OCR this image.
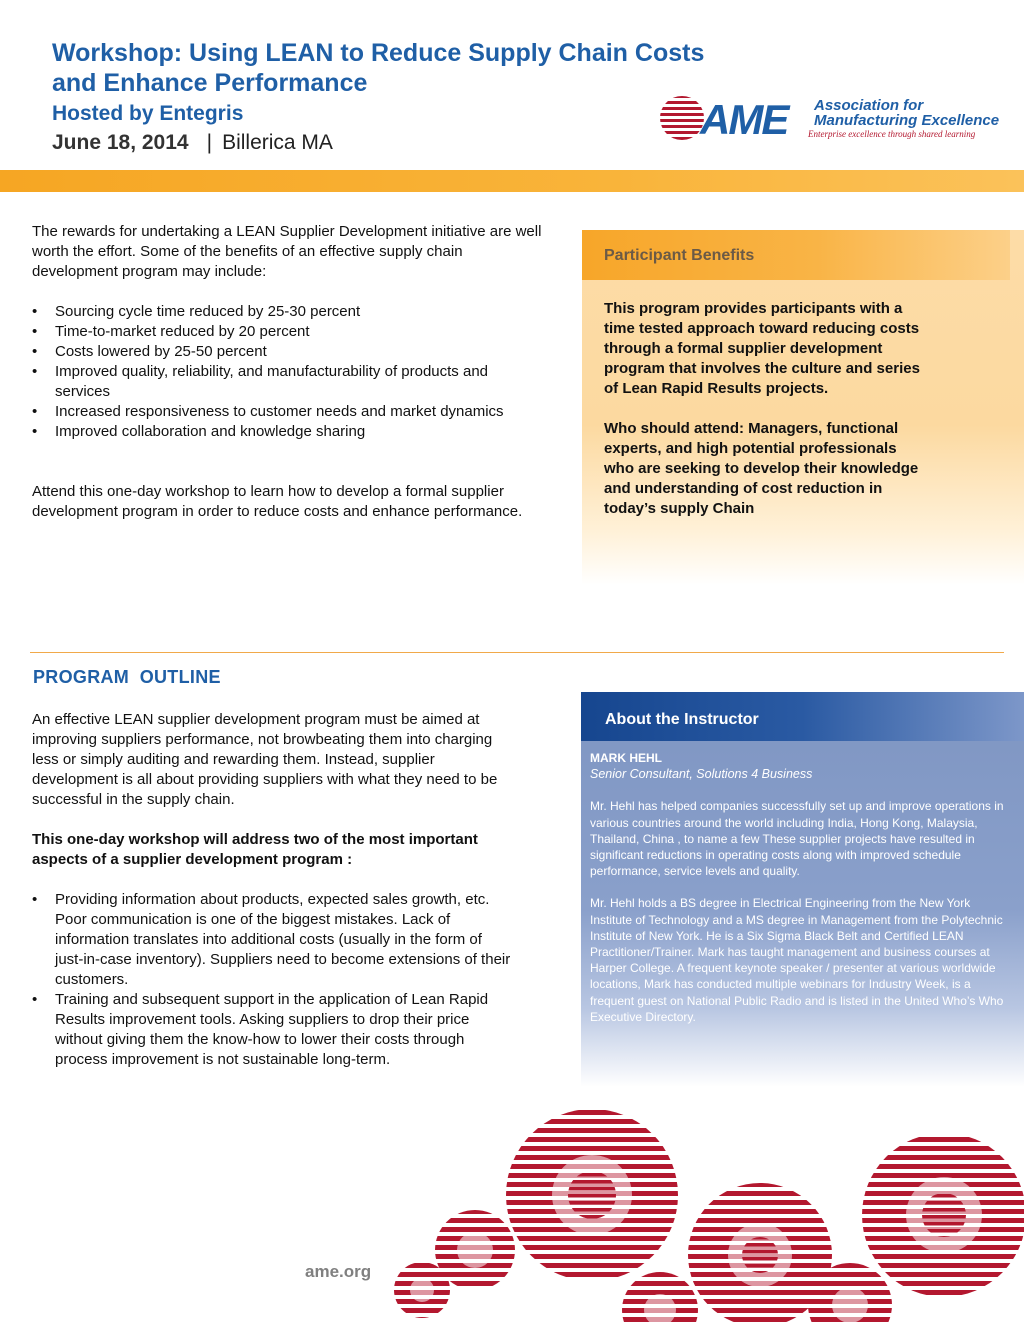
Workshop: Using LEAN to Reduce Supply Chain Costs
and Enhance Performance
Hosted by Entegris
June 18, 2014 | Billerica MA	AME Association for
Manufacturing Excellence
Enterprise excellence through shared learning

The rewards for undertaking a LEAN Supplier Development initiative are well worth the effort. Some of the benefits of an effective supply chain development program may include:

• Sourcing cycle time reduced by 25-30 percent
• Time-to-market reduced by 20 percent
• Costs lowered by 25-50 percent
• Improved quality, reliability, and manufacturability of products and services
• Increased responsiveness to customer needs and market dynamics
• Improved collaboration and knowledge sharing

Attend this one-day workshop to learn how to develop a formal supplier development program in order to reduce costs and enhance performance.

Participant Benefits

This program provides participants with a time tested approach toward reducing costs through a formal supplier development program that involves the culture and series of Lean Rapid Results projects.

Who should attend: Managers, functional experts, and high potential professionals who are seeking to develop their knowledge and understanding of cost reduction in today’s supply Chain

PROGRAM  OUTLINE

An effective LEAN supplier development program must be aimed at improving suppliers performance, not browbeating them into charging less or simply auditing and rewarding them. Instead, supplier development is all about providing suppliers with what they need to be successful in the supply chain.

This one-day workshop will address two of the most important aspects of a supplier development program :

• Providing information about products, expected sales growth, etc. Poor communication is one of the biggest mistakes. Lack of information translates into additional costs (usually in the form of just-in-case inventory). Suppliers need to become extensions of their customers.
• Training and subsequent support in the application of Lean Rapid Results improvement tools. Asking suppliers to drop their price without giving them the know-how to lower their costs through process improvement is not sustainable long-term.
About the Instructor

MARK HEHL

Senior Consultant, Solutions 4 Business

Mr. Hehl has helped companies successfully set up and improve operations in various countries around the world including India, Hong Kong, Malaysia, Thailand, China , to name a few These supplier projects have resulted in significant reductions in operating costs along with improved schedule performance, service levels and quality.

Mr. Hehl holds a BS degree in Electrical Engineering from the New York Institute of Technology and a MS degree in Management from the Polytechnic Institute of New York. He is a Six Sigma Black Belt and Certified LEAN Practitioner/Trainer. Mark has taught management and business courses at Harper College. A frequent keynote speaker / presenter at various worldwide locations, Mark has conducted multiple webinars for Industry Week, is a frequent guest on National Public Radio and is listed in the United Who’s Who Executive Directory.

ame.org
